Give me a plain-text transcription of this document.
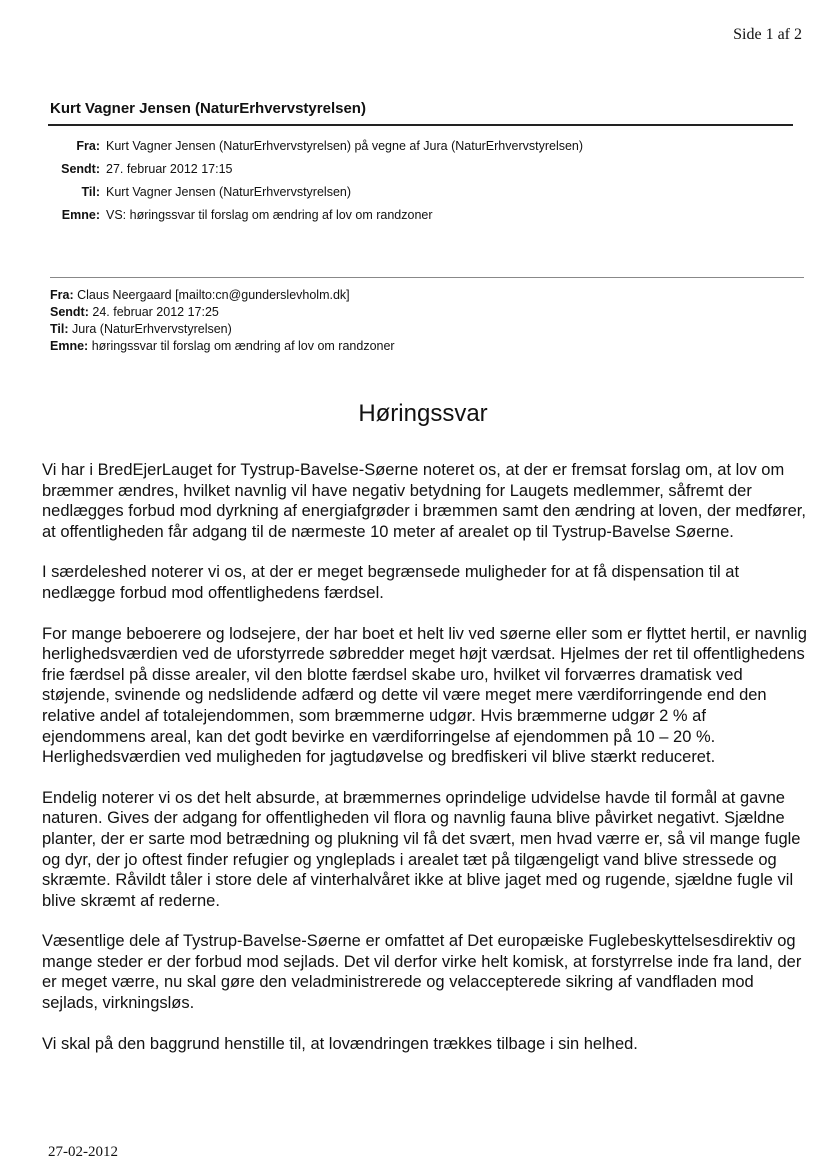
Side 1 af 2
Kurt Vagner Jensen (NaturErhvervstyrelsen)
Fra: Kurt Vagner Jensen (NaturErhvervstyrelsen) på vegne af Jura (NaturErhvervstyrelsen)
Sendt: 27. februar 2012 17:15
Til: Kurt Vagner Jensen (NaturErhvervstyrelsen)
Emne: VS: høringssvar til forslag om ændring af lov om randzoner
Fra: Claus Neergaard [mailto:cn@gunderslevholm.dk]
Sendt: 24. februar 2012 17:25
Til: Jura (NaturErhvervstyrelsen)
Emne: høringssvar til forslag om ændring af lov om randzoner
Høringssvar

Vi har i BredEjerLauget for Tystrup-Bavelse-Søerne noteret os, at der er fremsat forslag om, at lov om bræmmer ændres, hvilket navnlig vil have negativ betydning for Laugets medlemmer, såfremt der nedlægges forbud mod dyrkning af energiafgrøder i bræmmen samt den ændring at loven, der medfører, at offentligheden får adgang til de nærmeste 10 meter af arealet op til Tystrup-Bavelse Søerne.

I særdeleshed noterer vi os, at der er meget begrænsede muligheder for at få dispensation til at nedlægge forbud mod offentlighedens færdsel.

For mange beboerere og lodsejere, der har boet et helt liv ved søerne eller som er flyttet hertil, er navnlig herlighedsværdien ved de uforstyrrede søbredder meget højt værdsat. Hjelmes der ret til offentlighedens frie færdsel på disse arealer, vil den blotte færdsel skabe uro, hvilket vil forværres dramatisk ved støjende, svinende og nedslidende adfærd og dette vil være meget mere værdiforringende end den relative andel af totalejendommen, som bræmmerne udgør. Hvis bræmmerne udgør 2 % af ejendommens areal, kan det godt bevirke en værdiforringelse af ejendommen på 10 – 20 %. Herlighedsværdien ved muligheden for jagtudøvelse og bredfiskeri vil blive stærkt reduceret.

Endelig noterer vi os det helt absurde, at bræmmernes oprindelige udvidelse havde til formål at gavne naturen. Gives der adgang for offentligheden vil flora og navnlig fauna blive påvirket negativt. Sjældne planter, der er sarte mod betrædning og plukning vil få det svært, men hvad værre er, så vil mange fugle og dyr, der jo oftest finder refugier og yngleplads i arealet tæt på tilgængeligt vand blive stressede og skræmte. Råvildt tåler i store dele af vinterhalvåret ikke at blive jaget med og rugende, sjældne fugle vil blive skræmt af rederne.

Væsentlige dele af Tystrup-Bavelse-Søerne er omfattet af Det europæiske Fuglebeskyttelsesdirektiv og mange steder er der forbud mod sejlads. Det vil derfor virke helt komisk, at forstyrrelse inde fra land, der er meget værre, nu skal gøre den veladministrerede og velaccepterede sikring af vandfladen mod sejlads, virkningsløs.

Vi skal på den baggrund henstille til, at lovændringen trækkes tilbage i sin helhed.

27-02-2012
